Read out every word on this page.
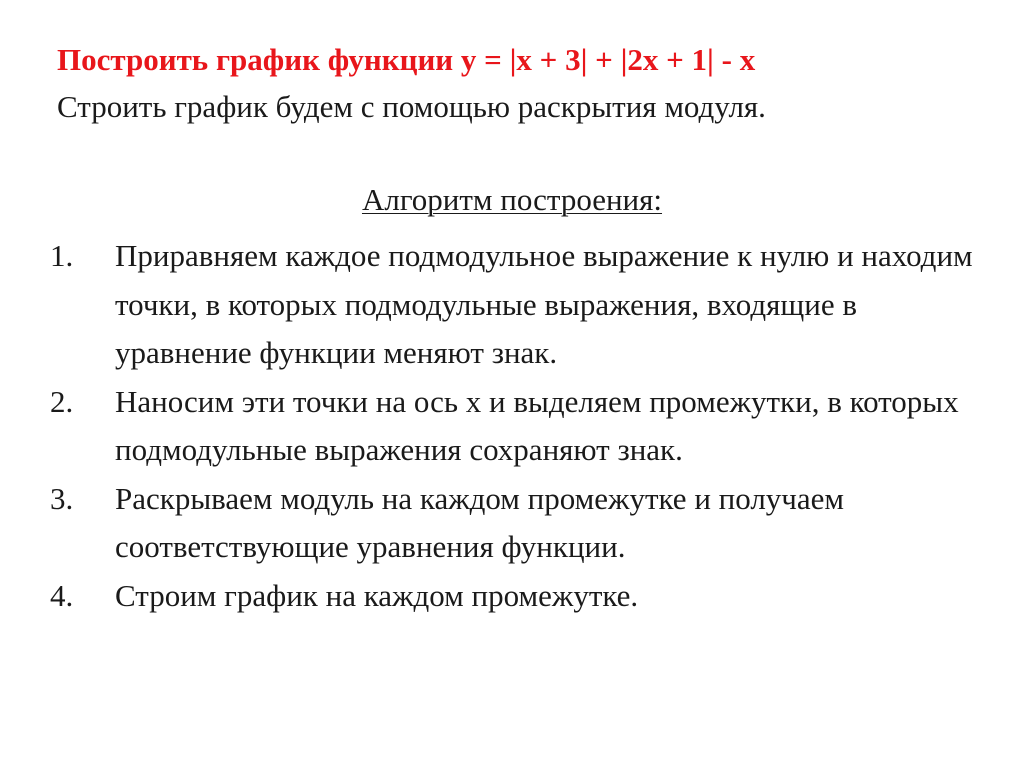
Построить график функции у = |x + 3| + |2x + 1| - x
Строить график будем с помощью раскрытия модуля.
Алгоритм построения:
1.	Приравняем каждое подмодульное выражение к нулю и находим точки, в которых подмодульные выражения, входящие в уравнение функции меняют знак.
2.	Наносим эти точки на ось х и выделяем промежутки, в которых подмодульные выражения сохраняют знак.
3.	Раскрываем модуль на каждом промежутке и получаем соответствующие уравнения функции.
4.	Строим график на каждом промежутке.
